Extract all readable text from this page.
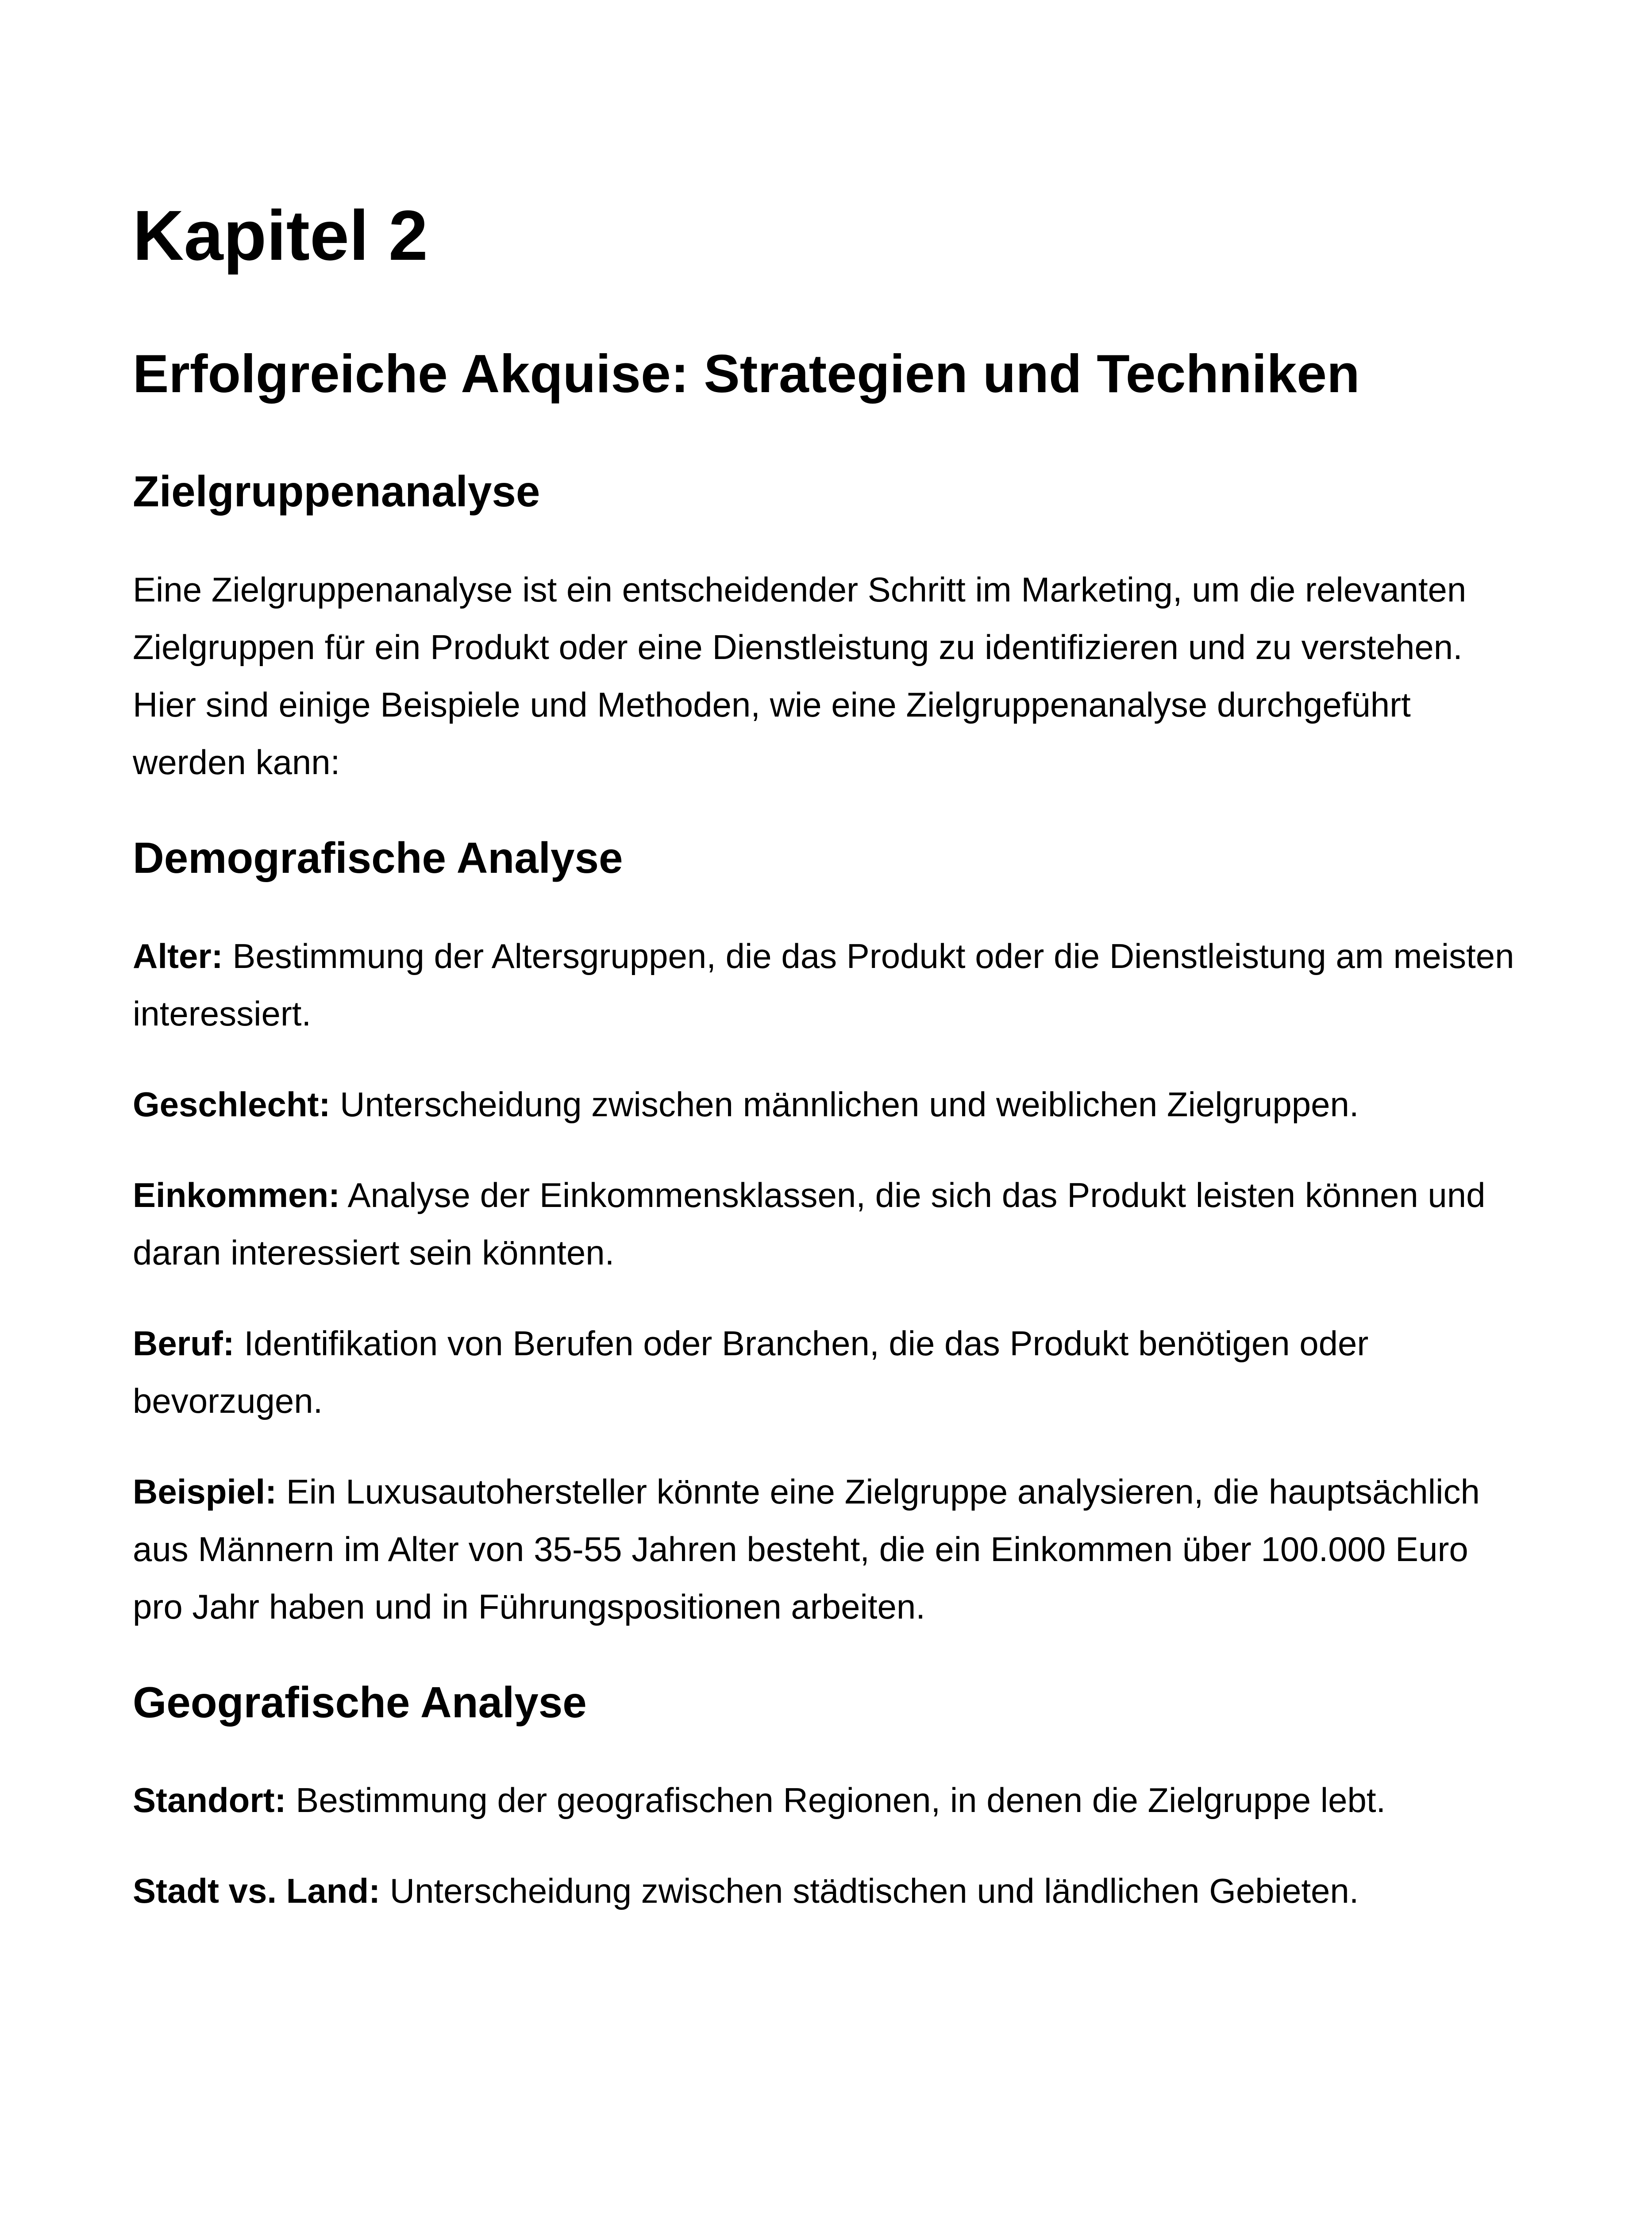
Kapitel 2
Erfolgreiche Akquise: Strategien und Techniken
Zielgruppenanalyse

Eine Zielgruppenanalyse ist ein entscheidender Schritt im Marketing, um die relevanten Zielgruppen für ein Produkt oder eine Dienstleistung zu identifizieren und zu verstehen. Hier sind einige Beispiele und Methoden, wie eine Zielgruppenanalyse durchgeführt werden kann:

Demografische Analyse

Alter: Bestimmung der Altersgruppen, die das Produkt oder die Dienstleistung am meisten interessiert.

Geschlecht: Unterscheidung zwischen männlichen und weiblichen Zielgruppen.

Einkommen: Analyse der Einkommensklassen, die sich das Produkt leisten können und daran interessiert sein könnten.

Beruf: Identifikation von Berufen oder Branchen, die das Produkt benötigen oder bevorzugen.

Beispiel: Ein Luxusautohersteller könnte eine Zielgruppe analysieren, die hauptsächlich aus Männern im Alter von 35-55 Jahren besteht, die ein Einkommen über 100.000 Euro pro Jahr haben und in Führungspositionen arbeiten.

Geografische Analyse

Standort: Bestimmung der geografischen Regionen, in denen die Zielgruppe lebt.

Stadt vs. Land: Unterscheidung zwischen städtischen und ländlichen Gebieten.
